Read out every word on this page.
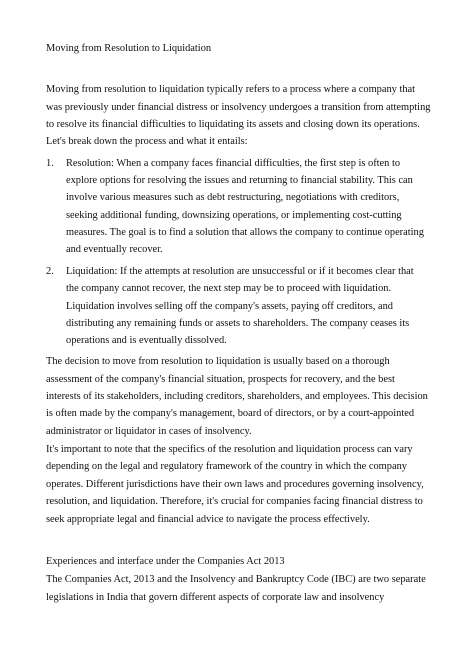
Moving from Resolution to Liquidation
Moving from resolution to liquidation typically refers to a process where a company that
was previously under financial distress or insolvency undergoes a transition from attempting
to resolve its financial difficulties to liquidating its assets and closing down its operations.
Let's break down the process and what it entails:
1. Resolution: When a company faces financial difficulties, the first step is often to
explore options for resolving the issues and returning to financial stability. This can
involve various measures such as debt restructuring, negotiations with creditors,
seeking additional funding, downsizing operations, or implementing cost-cutting
measures. The goal is to find a solution that allows the company to continue operating
and eventually recover.
2. Liquidation: If the attempts at resolution are unsuccessful or if it becomes clear that
the company cannot recover, the next step may be to proceed with liquidation.
Liquidation involves selling off the company's assets, paying off creditors, and
distributing any remaining funds or assets to shareholders. The company ceases its
operations and is eventually dissolved.
The decision to move from resolution to liquidation is usually based on a thorough
assessment of the company's financial situation, prospects for recovery, and the best
interests of its stakeholders, including creditors, shareholders, and employees. This decision
is often made by the company's management, board of directors, or by a court-appointed
administrator or liquidator in cases of insolvency.
It's important to note that the specifics of the resolution and liquidation process can vary
depending on the legal and regulatory framework of the country in which the company
operates. Different jurisdictions have their own laws and procedures governing insolvency,
resolution, and liquidation. Therefore, it's crucial for companies facing financial distress to
seek appropriate legal and financial advice to navigate the process effectively.
Experiences and interface under the Companies Act 2013
The Companies Act, 2013 and the Insolvency and Bankruptcy Code (IBC) are two separate
legislations in India that govern different aspects of corporate law and insolvency
